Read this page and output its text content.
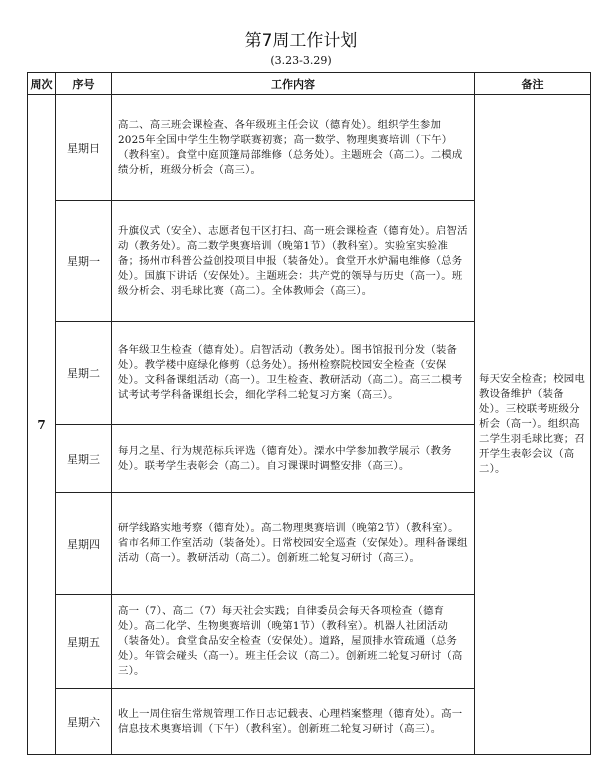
第7周工作计划
(3.23-3.29)
周次	序号	工作内容	备注
7	星期日	高二、高三班会课检查、各年级班主任会议（德育处）。组织学生参加2025年全国中学生生物学联赛初赛；高一数学、物理奥赛培训（下午）（教科室）。食堂中庭顶篷局部维修（总务处）。主题班会（高二）。二模成绩分析，班级分析会（高三）。	每天安全检查；校园电教设备维护（装备处）。三校联考班级分析会（高一）。组织高二学生羽毛球比赛；召开学生表彰会议（高二）。
	星期一	升旗仪式（安全）、志愿者包干区打扫、高一班会课检查（德育处）。启智活动（教务处）。高二数学奥赛培训（晚第1节）（教科室）。实验室实验准备；扬州市科普公益创投项目申报（装备处）。食堂开水炉漏电维修（总务处）。国旗下讲话（安保处）。主题班会：共产党的领导与历史（高一）。班级分析会、羽毛球比赛（高二）。全体教师会（高三）。	
	星期二	各年级卫生检查（德育处）。启智活动（教务处）。图书馆报刊分发（装备处）。教学楼中庭绿化修剪（总务处）。扬州检察院校园安全检查（安保处）。文科备课组活动（高一）。卫生检查、教研活动（高二）。高三二模考试考试考学科备课组长会，细化学科二轮复习方案（高三）。	
	星期三	每月之星、行为规范标兵评选（德育处）。溧水中学参加教学展示（教务处）。联考学生表彰会（高二）。自习课课时调整安排（高三）。	
	星期四	研学线路实地考察（德育处）。高二物理奥赛培训（晚第2节）（教科室）。省市名师工作室活动（装备处）。日常校园安全巡查（安保处）。理科备课组活动（高一）。教研活动（高二）。创新班二轮复习研讨（高三）。	
	星期五	高一（7）、高二（7）每天社会实践；自律委员会每天各项检查（德育处）。高二化学、生物奥赛培训（晚第1节）（教科室）。机器人社团活动（装备处）。食堂食品安全检查（安保处）。道路，屋顶排水管疏通（总务处）。年管会碰头（高一）。班主任会议（高二）。创新班二轮复习研讨（高三）。	
	星期六	收上一周住宿生常规管理工作日志记载表、心理档案整理（德育处）。高一信息技术奥赛培训（下午）（教科室）。创新班二轮复习研讨（高三）。	
